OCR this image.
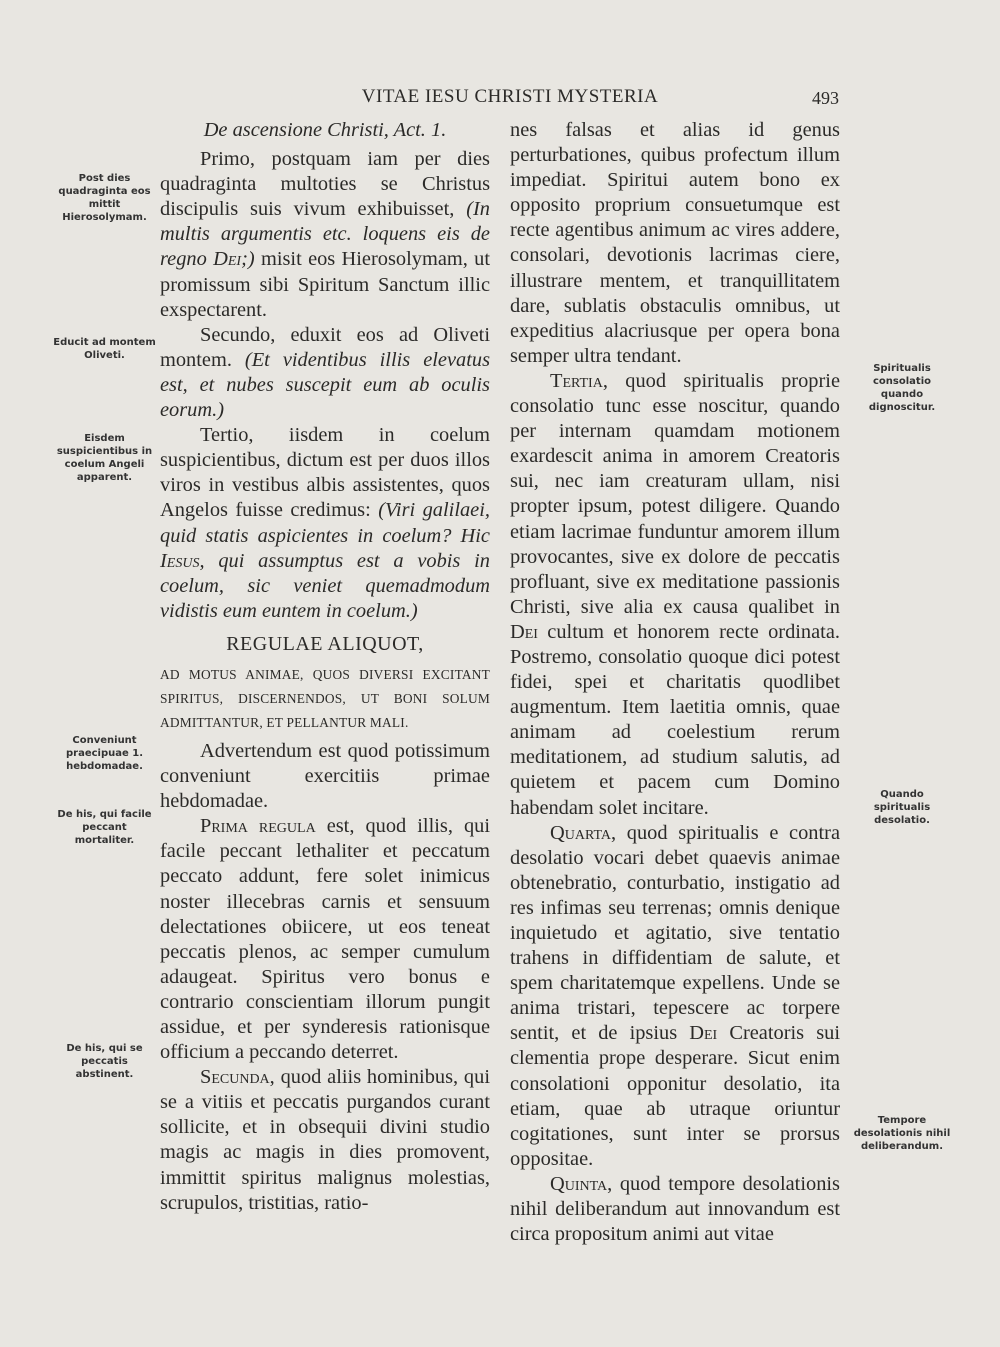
VITAE IESU CHRISTI MYSTERIA	493
Post dies quadraginta eos mittit Hierosolymam.
Educit ad montem Oliveti.
Eisdem suspicientibus in coelum Angeli apparent.
Conveniunt praecipuae 1. hebdomadae.
De his, qui facile peccant mortaliter.
De his, qui se peccatis abstinent.
Spiritualis consolatio quando dignoscitur.
Quando spiritualis desolatio.
Tempore desolationis nihil deliberandum.

De ascensione Christi, Act. 1.

Primo, postquam iam per dies quadraginta multoties se Christus discipulis suis vivum exhibuisset, (In multis argumentis etc. loquens eis de regno Dei;) misit eos Hierosolymam, ut promissum sibi Spiritum Sanctum illic exspectarent.

Secundo, eduxit eos ad Oliveti montem. (Et videntibus illis elevatus est, et nubes suscepit eum ab oculis eorum.)

Tertio, iisdem in coelum suspicientibus, dictum est per duos illos viros in vestibus albis assistentes, quos Angelos fuisse credimus: (Viri galilaei, quid statis aspicientes in coelum? Hic Iesus, qui assumptus est a vobis in coelum, sic veniet quemadmodum vidistis eum euntem in coelum.)

REGULAE ALIQUOT,

AD MOTUS ANIMAE, QUOS DIVERSI EXCITANT SPIRITUS, DISCERNENDOS, UT BONI SOLUM ADMITTANTUR, ET PELLANTUR MALI.

Advertendum est quod potissimum conveniunt exercitiis primae hebdomadae.

Prima regula est, quod illis, qui facile peccant lethaliter et peccatum peccato addunt, fere solet inimicus noster illecebras carnis et sensuum delectationes obiicere, ut eos teneat peccatis plenos, ac semper cumulum adaugeat. Spiritus vero bonus e contrario conscientiam illorum pungit assidue, et per synderesis rationisque officium a peccando deterret.

Secunda, quod aliis hominibus, qui se a vitiis et peccatis purgandos curant sollicite, et in obsequii divini studio magis ac magis in dies promovent, immittit spiritus malignus molestias, scrupulos, tristitias, ratio-

nes falsas et alias id genus perturbationes, quibus profectum illum impediat. Spiritui autem bono ex opposito proprium consuetumque est recte agentibus animum ac vires addere, consolari, devotionis lacrimas ciere, illustrare mentem, et tranquillitatem dare, sublatis obstaculis omnibus, ut expeditius alacriusque per opera bona semper ultra tendant.

Tertia, quod spiritualis proprie consolatio tunc esse noscitur, quando per internam quamdam motionem exardescit anima in amorem Creatoris sui, nec iam creaturam ullam, nisi propter ipsum, potest diligere. Quando etiam lacrimae funduntur amorem illum provocantes, sive ex dolore de peccatis profluant, sive ex meditatione passionis Christi, sive alia ex causa qualibet in Dei cultum et honorem recte ordinata. Postremo, consolatio quoque dici potest fidei, spei et charitatis quodlibet augmentum. Item laetitia omnis, quae animam ad coelestium rerum meditationem, ad studium salutis, ad quietem et pacem cum Domino habendam solet incitare.

Quarta, quod spiritualis e contra desolatio vocari debet quaevis animae obtenebratio, conturbatio, instigatio ad res infimas seu terrenas; omnis denique inquietudo et agitatio, sive tentatio trahens in diffidentiam de salute, et spem charitatemque expellens. Unde se anima tristari, tepescere ac torpere sentit, et de ipsius Dei Creatoris sui clementia prope desperare. Sicut enim consolationi opponitur desolatio, ita etiam, quae ab utraque oriuntur cogitationes, sunt inter se prorsus oppositae.

Quinta, quod tempore desolationis nihil deliberandum aut innovandum est circa propositum animi aut vitae
